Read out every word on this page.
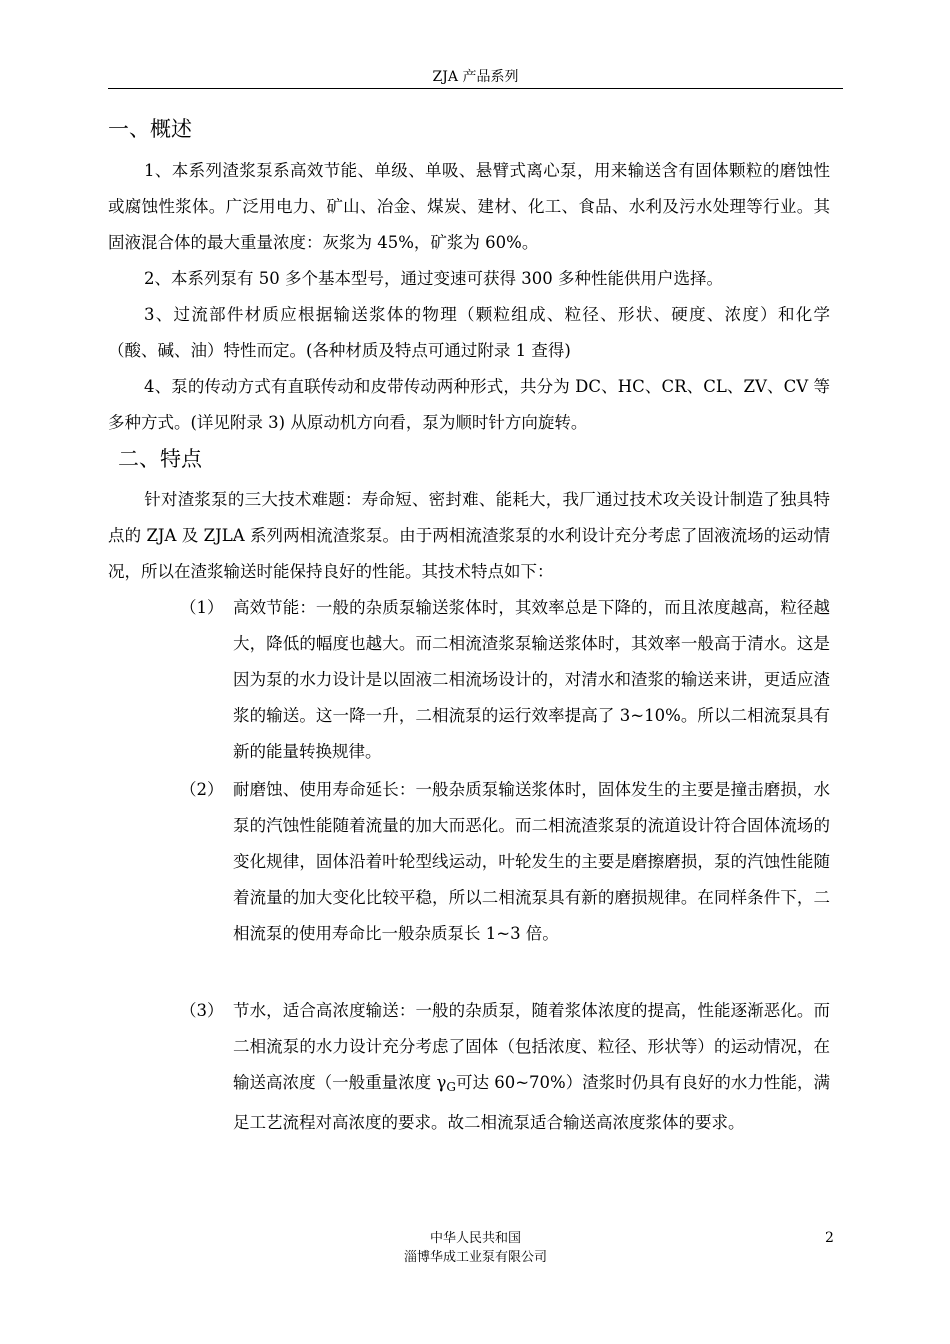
ZJA 产品系列
一、概述
1、本系列渣浆泵系高效节能、单级、单吸、悬臂式离心泵，用来输送含有固体颗粒的磨蚀性或腐蚀性浆体。广泛用电力、矿山、冶金、煤炭、建材、化工、食品、水利及污水处理等行业。其固液混合体的最大重量浓度：灰浆为 45%，矿浆为 60%。
2、本系列泵有 50 多个基本型号，通过变速可获得 300 多种性能供用户选择。
3、过流部件材质应根据输送浆体的物理（颗粒组成、粒径、形状、硬度、浓度）和化学（酸、碱、油）特性而定。(各种材质及特点可通过附录 1 查得)
4、泵的传动方式有直联传动和皮带传动两种形式，共分为 DC、HC、CR、CL、ZV、CV 等多种方式。(详见附录 3) 从原动机方向看，泵为顺时针方向旋转。
二、特点
针对渣浆泵的三大技术难题：寿命短、密封难、能耗大，我厂通过技术攻关设计制造了独具特点的 ZJA 及 ZJLA 系列两相流渣浆泵。由于两相流渣浆泵的水利设计充分考虑了固液流场的运动情况，所以在渣浆输送时能保持良好的性能。其技术特点如下：
（1） 高效节能：一般的杂质泵输送浆体时，其效率总是下降的，而且浓度越高，粒径越大，降低的幅度也越大。而二相流渣浆泵输送浆体时，其效率一般高于清水。这是因为泵的水力设计是以固液二相流场设计的，对清水和渣浆的输送来讲，更适应渣浆的输送。这一降一升，二相流泵的运行效率提高了 3~10%。所以二相流泵具有新的能量转换规律。
（2） 耐磨蚀、使用寿命延长：一般杂质泵输送浆体时，固体发生的主要是撞击磨损，水泵的汽蚀性能随着流量的加大而恶化。而二相流渣浆泵的流道设计符合固体流场的变化规律，固体沿着叶轮型线运动，叶轮发生的主要是磨擦磨损，泵的汽蚀性能随着流量的加大变化比较平稳，所以二相流泵具有新的磨损规律。在同样条件下，二相流泵的使用寿命比一般杂质泵长 1~3 倍。
（3） 节水，适合高浓度输送：一般的杂质泵，随着浆体浓度的提高，性能逐渐恶化。而二相流泵的水力设计充分考虑了固体（包括浓度、粒径、形状等）的运动情况，在输送高浓度（一般重量浓度 $\gamma_G$可达 60~70%）渣浆时仍具有良好的水力性能，满足工艺流程对高浓度的要求。故二相流泵适合输送高浓度浆体的要求。
中华人民共和国
淄博华成工业泵有限公司
2
